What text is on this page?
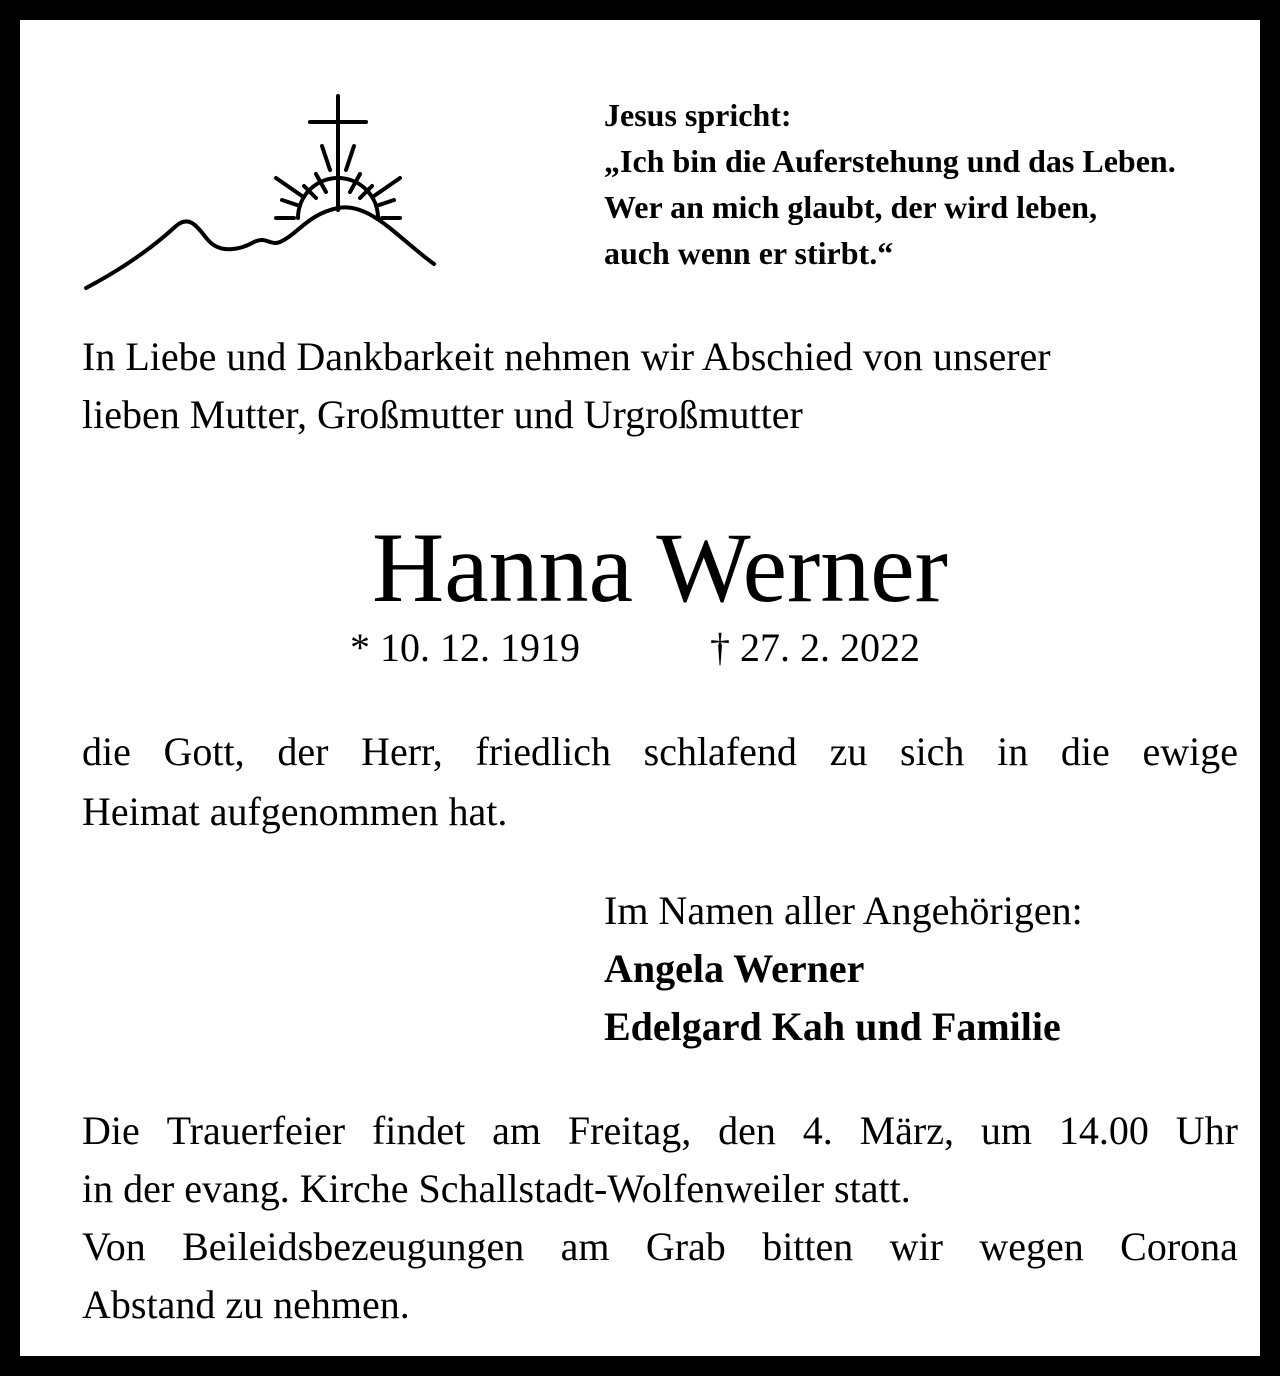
Jesus spricht:
„Ich bin die Auferstehung und das Leben.
Wer an mich glaubt, der wird leben,
auch wenn er stirbt.“
In Liebe und Dankbarkeit nehmen wir Abschied von unserer
lieben Mutter, Großmutter und Urgroßmutter
Hanna Werner
* 10. 12. 1919	† 27. 2. 2022
die Gott, der Herr, friedlich schlafend zu sich in die ewige
Heimat aufgenommen hat.
Im Namen aller Angehörigen:
Angela Werner
Edelgard Kah und Familie
Die Trauerfeier findet am Freitag, den 4. März, um 14.00 Uhr
in der evang. Kirche Schallstadt-Wolfenweiler statt.
Von Beileidsbezeugungen am Grab bitten wir wegen Corona
Abstand zu nehmen.
